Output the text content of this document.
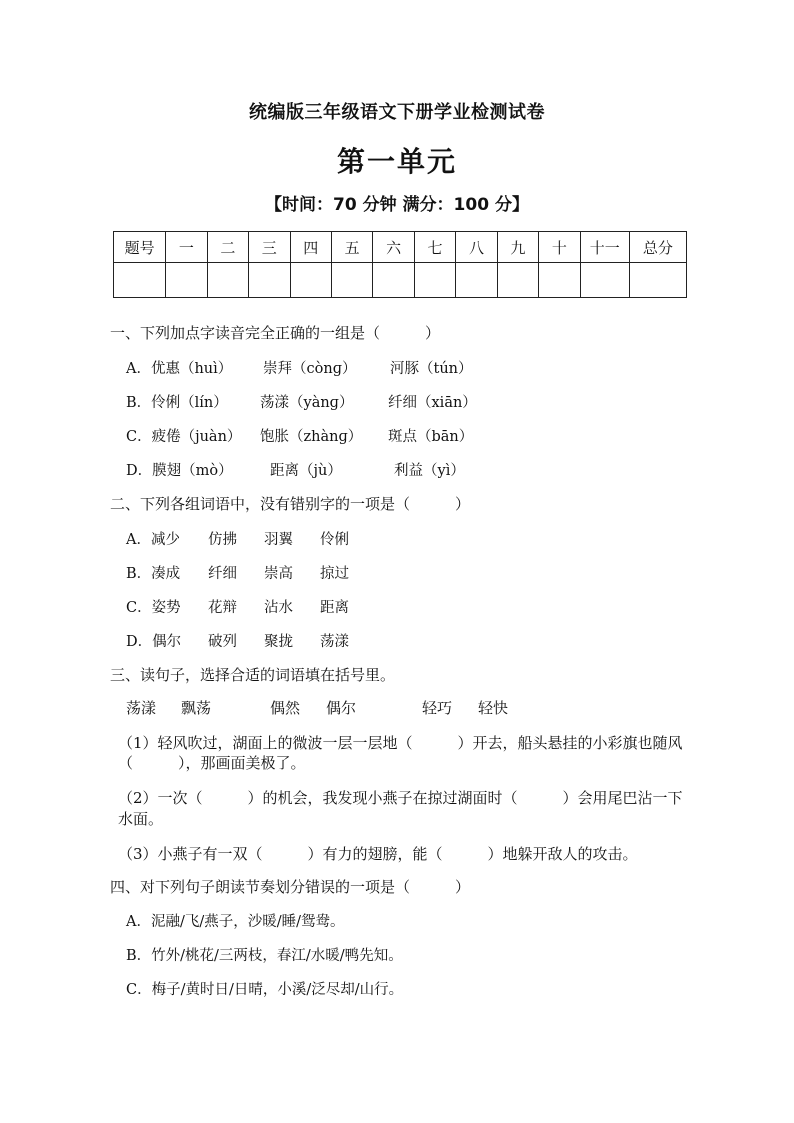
统编版三年级语文下册学业检测试卷
第一单元
【时间：70 分钟 满分：100 分】
题号	一	二	三	四	五	六	七	八	九	十	十一	总分

一、下列加点字读音完全正确的一组是（　　　）
A．优惠（huì） 崇拜（cònɡ） 河豚（tún）
B．伶俐（lín） 荡漾（yànɡ） 纤细（xiān）
C．疲倦（juàn） 饱胀（zhànɡ） 斑点（bān）
D．膜翅（mò）	距离（jù）	利益（yì）
二、下列各组词语中，没有错别字的一项是（　　　）
A．减少 仿拂 羽翼 伶俐
B．凑成 纤细 崇高 掠过
C．姿势 花辩 沾水 距离
D．偶尔 破列 聚拢 荡漾
三、读句子，选择合适的词语填在括号里。
荡漾 飘荡	偶然 偶尔	轻巧 轻快
（1）轻风吹过，湖面上的微波一层一层地（　　　）开去，船头悬挂的小彩旗也随风
（　　　），那画面美极了。
（2）一次（　　　）的机会，我发现小燕子在掠过湖面时（　　　）会用尾巴沾一下
水面。
（3）小燕子有一双（　　　）有力的翅膀，能（　　　）地躲开敌人的攻击。
四、对下列句子朗读节奏划分错误的一项是（　　　）
A．泥融/飞/燕子，沙暖/睡/鸳鸯。
B．竹外/桃花/三两枝，春江/水暖/鸭先知。
C．梅子/黄时日/日晴，小溪/泛尽却/山行。
